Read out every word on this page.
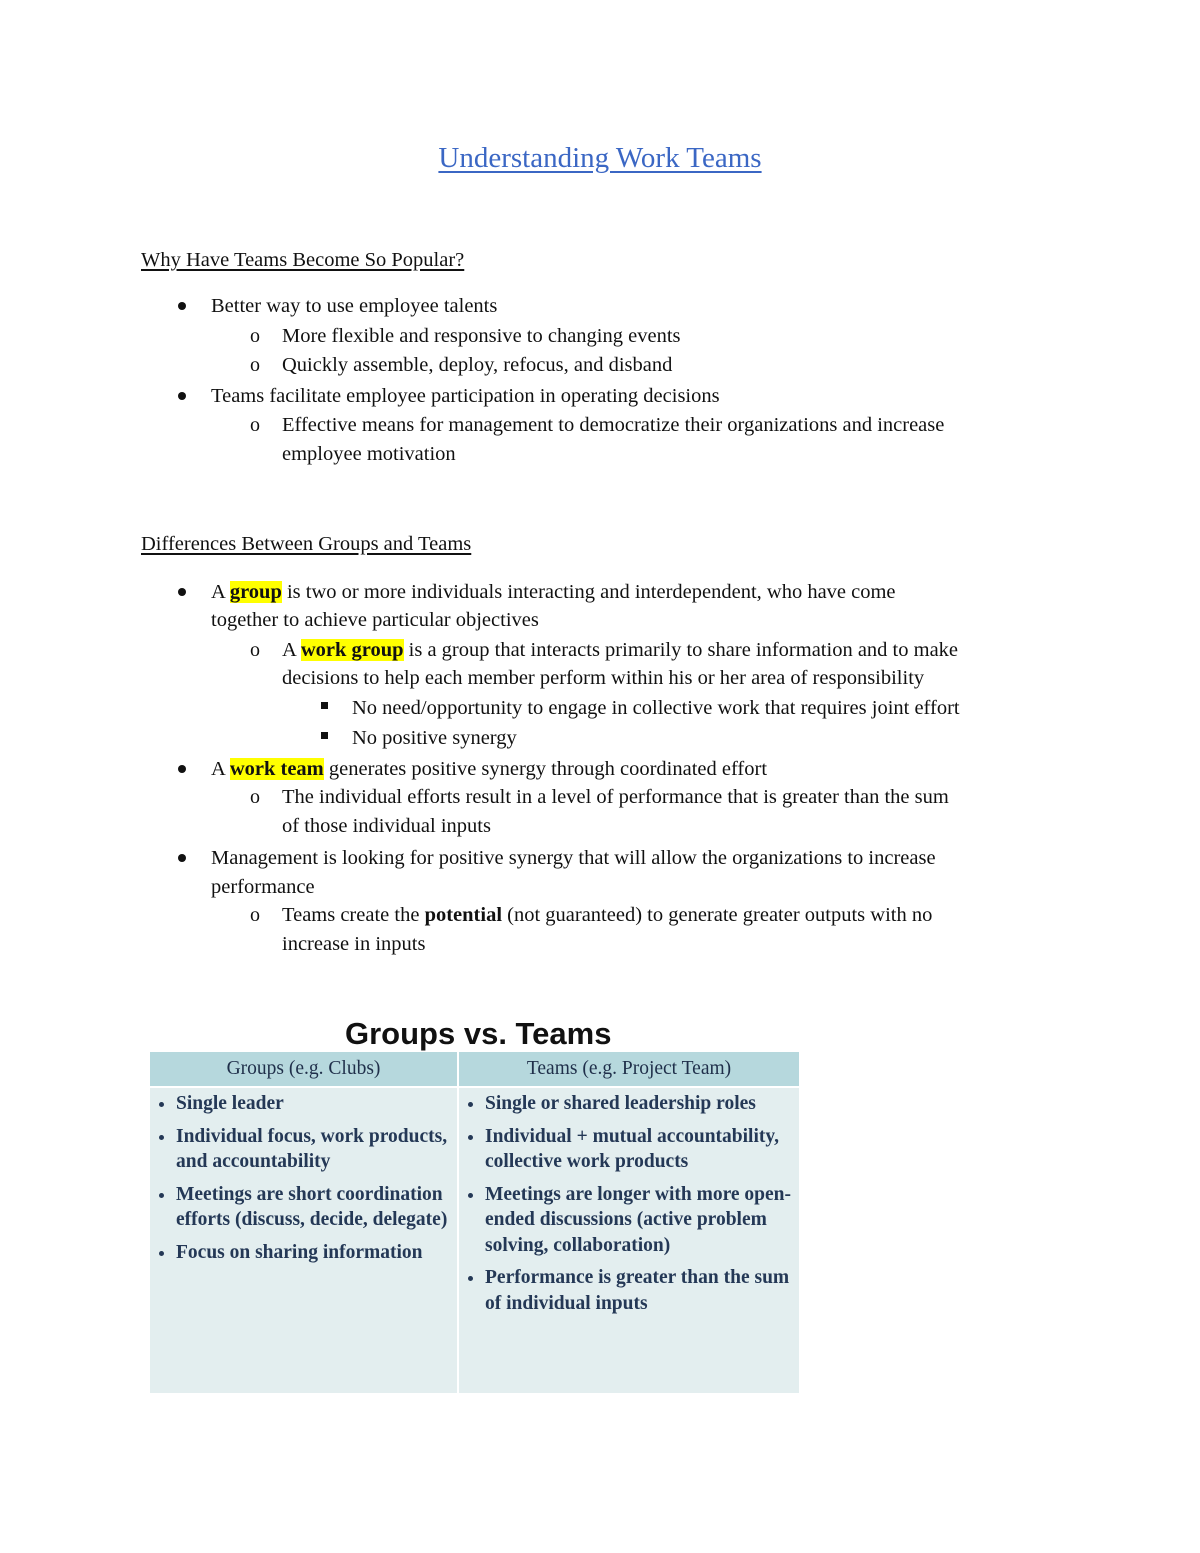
Understanding Work Teams
Why Have Teams Become So Popular?
Better way to use employee talents
o More flexible and responsive to changing events
o Quickly assemble, deploy, refocus, and disband
Teams facilitate employee participation in operating decisions
o Effective means for management to democratize their organizations and increase
employee motivation
Differences Between Groups and Teams
A group is two or more individuals interacting and interdependent, who have come
together to achieve particular objectives
o A work group is a group that interacts primarily to share information and to make
decisions to help each member perform within his or her area of responsibility
No need/opportunity to engage in collective work that requires joint effort
No positive synergy
A work team generates positive synergy through coordinated effort
o The individual efforts result in a level of performance that is greater than the sum
of those individual inputs
Management is looking for positive synergy that will allow the organizations to increase
performance
o Teams create the potential (not guaranteed) to generate greater outputs with no
increase in inputs
Groups vs. Teams
Groups (e.g. Clubs)	Teams (e.g. Project Team)
Single leader
Individual focus, work products, and accountability
Meetings are short coordination efforts (discuss, decide, delegate)
Focus on sharing information
Single or shared leadership roles
Individual + mutual accountability, collective work products
Meetings are longer with more open-ended discussions (active problem solving, collaboration)
Performance is greater than the sum of individual inputs
